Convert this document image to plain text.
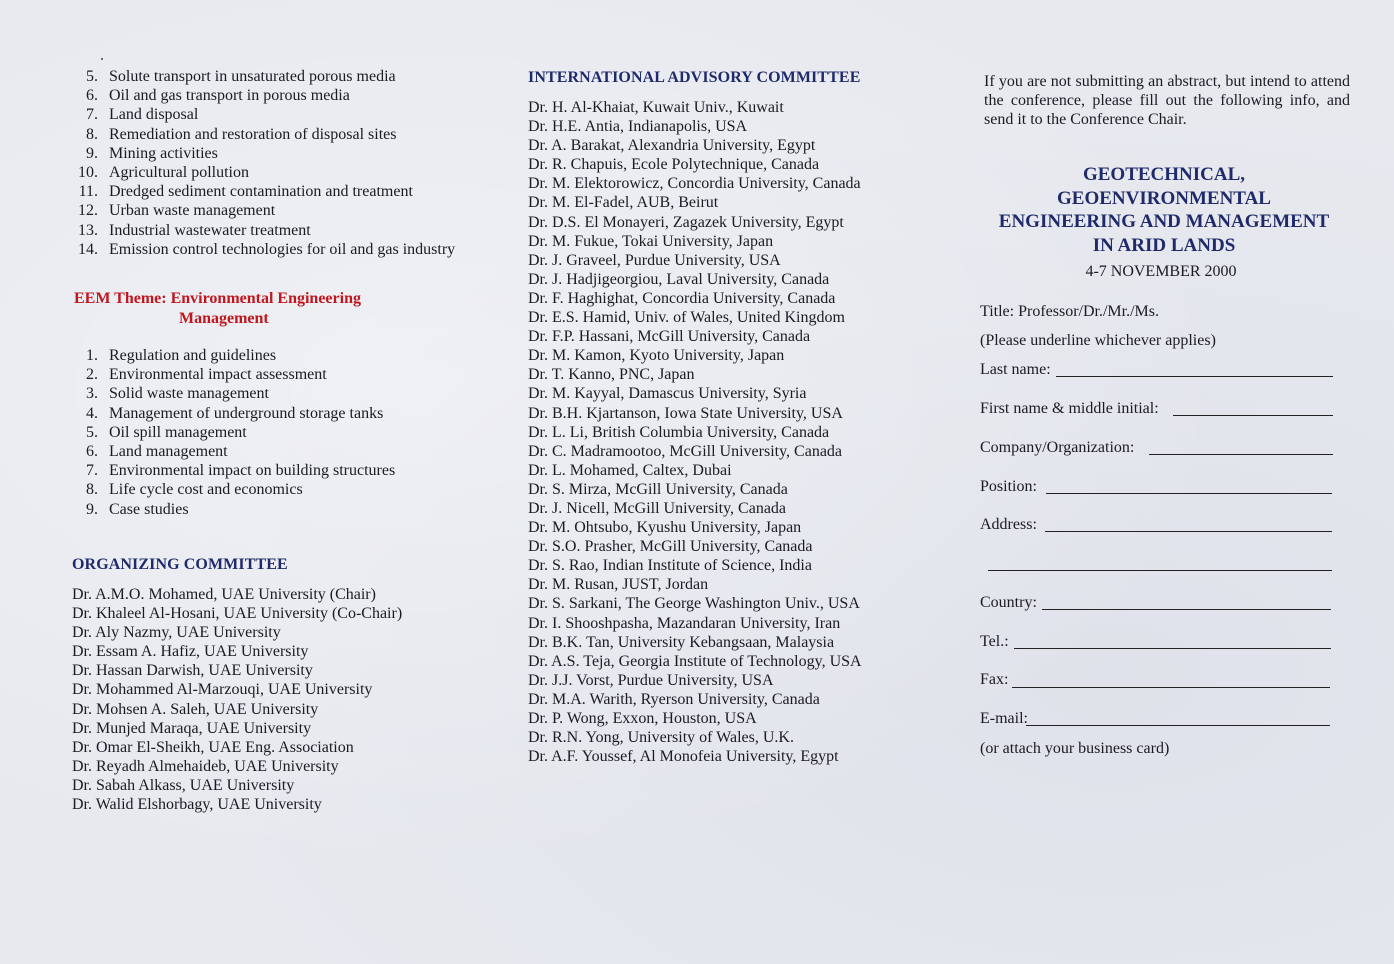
5. Solute transport in unsaturated porous media
6. Oil and gas transport in porous media
7. Land disposal
8. Remediation and restoration of disposal sites
9. Mining activities
10. Agricultural pollution
11. Dredged sediment contamination and treatment
12. Urban waste management
13. Industrial wastewater treatment
14. Emission control technologies for oil and gas industry
EEM Theme: Environmental Engineering
Management
1. Regulation and guidelines
2. Environmental impact assessment
3. Solid waste management
4. Management of underground storage tanks
5. Oil spill management
6. Land management
7. Environmental impact on building structures
8. Life cycle cost and economics
9. Case studies
ORGANIZING COMMITTEE
Dr. A.M.O. Mohamed, UAE University (Chair)
Dr. Khaleel Al-Hosani, UAE University (Co-Chair)
Dr. Aly Nazmy, UAE University
Dr. Essam A. Hafiz, UAE University
Dr. Hassan Darwish, UAE University
Dr. Mohammed Al-Marzouqi, UAE University
Dr. Mohsen A. Saleh, UAE University
Dr. Munjed Maraqa, UAE University
Dr. Omar El-Sheikh, UAE Eng. Association
Dr. Reyadh Almehaideb, UAE University
Dr. Sabah Alkass, UAE University
Dr. Walid Elshorbagy, UAE University
INTERNATIONAL ADVISORY COMMITTEE
Dr. H. Al-Khaiat, Kuwait Univ., Kuwait
Dr. H.E. Antia, Indianapolis, USA
Dr. A. Barakat, Alexandria University, Egypt
Dr. R. Chapuis, Ecole Polytechnique, Canada
Dr. M. Elektorowicz, Concordia University, Canada
Dr. M. El-Fadel, AUB, Beirut
Dr. D.S. El Monayeri, Zagazek University, Egypt
Dr. M. Fukue, Tokai University, Japan
Dr. J. Graveel, Purdue University, USA
Dr. J. Hadjigeorgiou, Laval University, Canada
Dr. F. Haghighat, Concordia University, Canada
Dr. E.S. Hamid, Univ. of Wales, United Kingdom
Dr. F.P. Hassani, McGill University, Canada
Dr. M. Kamon, Kyoto University, Japan
Dr. T. Kanno, PNC, Japan
Dr. M. Kayyal, Damascus University, Syria
Dr. B.H. Kjartanson, Iowa State University, USA
Dr. L. Li, British Columbia University, Canada
Dr. C. Madramootoo, McGill University, Canada
Dr. L. Mohamed, Caltex, Dubai
Dr. S. Mirza, McGill University, Canada
Dr. J. Nicell, McGill University, Canada
Dr. M. Ohtsubo, Kyushu University, Japan
Dr. S.O. Prasher, McGill University, Canada
Dr. S. Rao, Indian Institute of Science, India
Dr. M. Rusan, JUST, Jordan
Dr. S. Sarkani, The George Washington Univ., USA
Dr. I. Shooshpasha, Mazandaran University, Iran
Dr. B.K. Tan, University Kebangsaan, Malaysia
Dr. A.S. Teja, Georgia Institute of Technology, USA
Dr. J.J. Vorst, Purdue University, USA
Dr. M.A. Warith, Ryerson University, Canada
Dr. P. Wong, Exxon, Houston, USA
Dr. R.N. Yong, University of Wales, U.K.
Dr. A.F. Youssef, Al Monofeia University, Egypt

If you are not submitting an abstract, but intend to attend the conference, please fill out the following info, and send it to the Conference Chair.

GEOTECHNICAL,
GEOENVIRONMENTAL
ENGINEERING AND MANAGEMENT
IN ARID LANDS

4-7 NOVEMBER 2000

Title: Professor/Dr./Mr./Ms.
(Please underline whichever applies)
Last name:
First name & middle initial:
Company/Organization:
Position:
Address:
Country:
Tel.:
Fax:
E-mail:
(or attach your business card)
